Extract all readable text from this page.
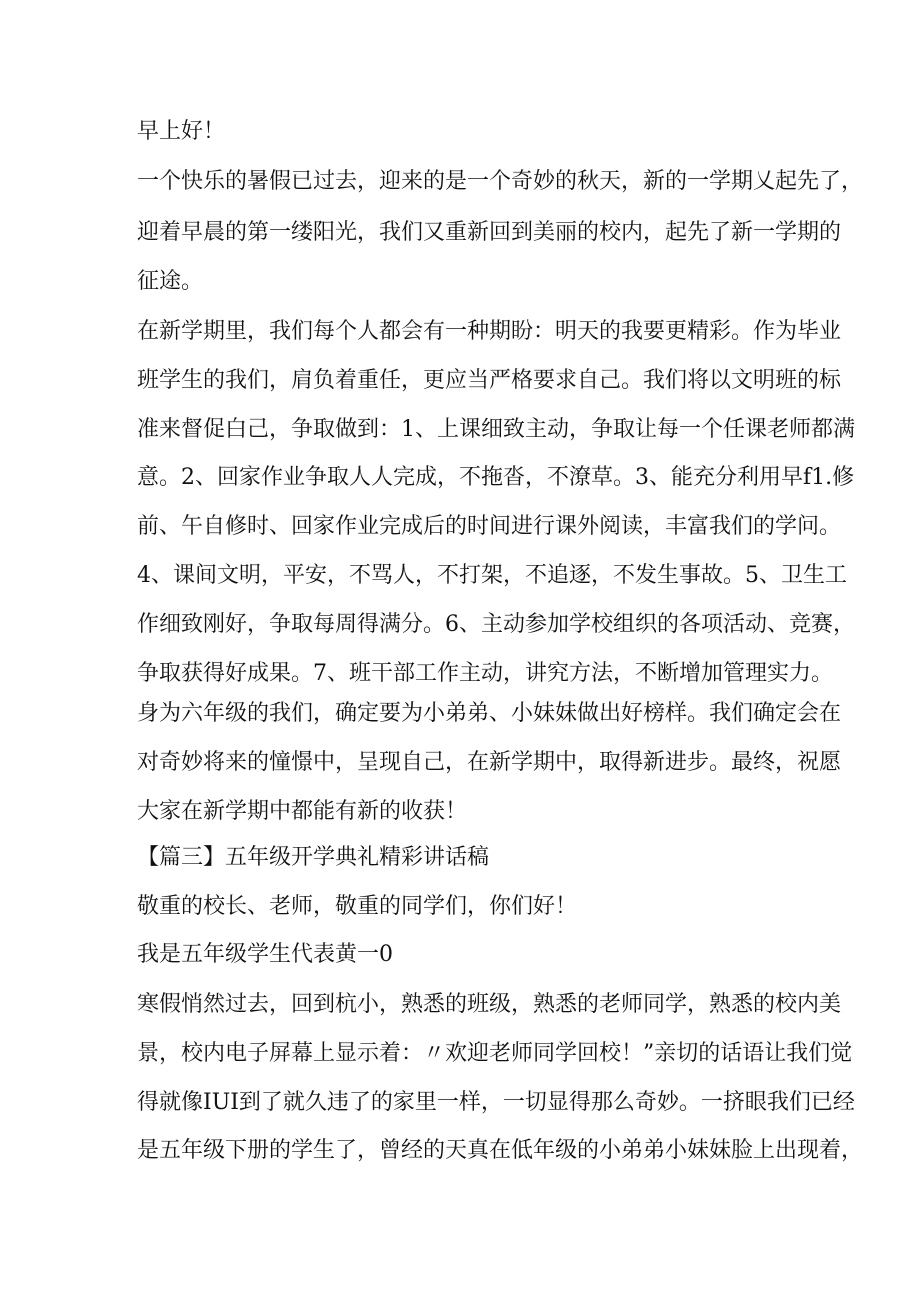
早上好！
一个快乐的暑假已过去，迎来的是一个奇妙的秋天，新的一学期乂起先了，
迎着早晨的第一缕阳光，我们又重新回到美丽的校内，起先了新一学期的
征途。
在新学期里，我们每个人都会有一种期盼：明天的我要更精彩。作为毕业
班学生的我们，肩负着重任，更应当严格要求自己。我们将以文明班的标
准来督促白己，争取做到：1、上课细致主动，争取让每一个任课老师都满
意。2、回家作业争取人人完成，不拖沓，不潦草。3、能充分利用早f1.修
前、午自修时、回家作业完成后的时间进行课外阅读，丰富我们的学问。
4、课间文明，平安，不骂人，不打架，不追逐，不发生事故。5、卫生工
作细致刚好，争取每周得满分。6、主动参加学校组织的各项活动、竞赛，
争取获得好成果。7、班干部工作主动，讲究方法，不断增加管理实力。
身为六年级的我们，确定要为小弟弟、小妹妹做出好榜样。我们确定会在
对奇妙将来的憧憬中，呈现自己，在新学期中，取得新进步。最终，祝愿
大家在新学期中都能有新的收获！
【篇三】五年级开学典礼精彩讲话稿
敬重的校长、老师，敬重的同学们，你们好！
我是五年级学生代表黄一0
寒假悄然过去，回到杭小，熟悉的班级，熟悉的老师同学，熟悉的校内美
景，校内电子屏幕上显示着：〃欢迎老师同学回校！”亲切的话语让我们觉
得就像IUI到了就久违了的家里一样，一切显得那么奇妙。一挤眼我们已经
是五年级下册的学生了，曾经的天真在低年级的小弟弟小妹妹脸上出现着，
